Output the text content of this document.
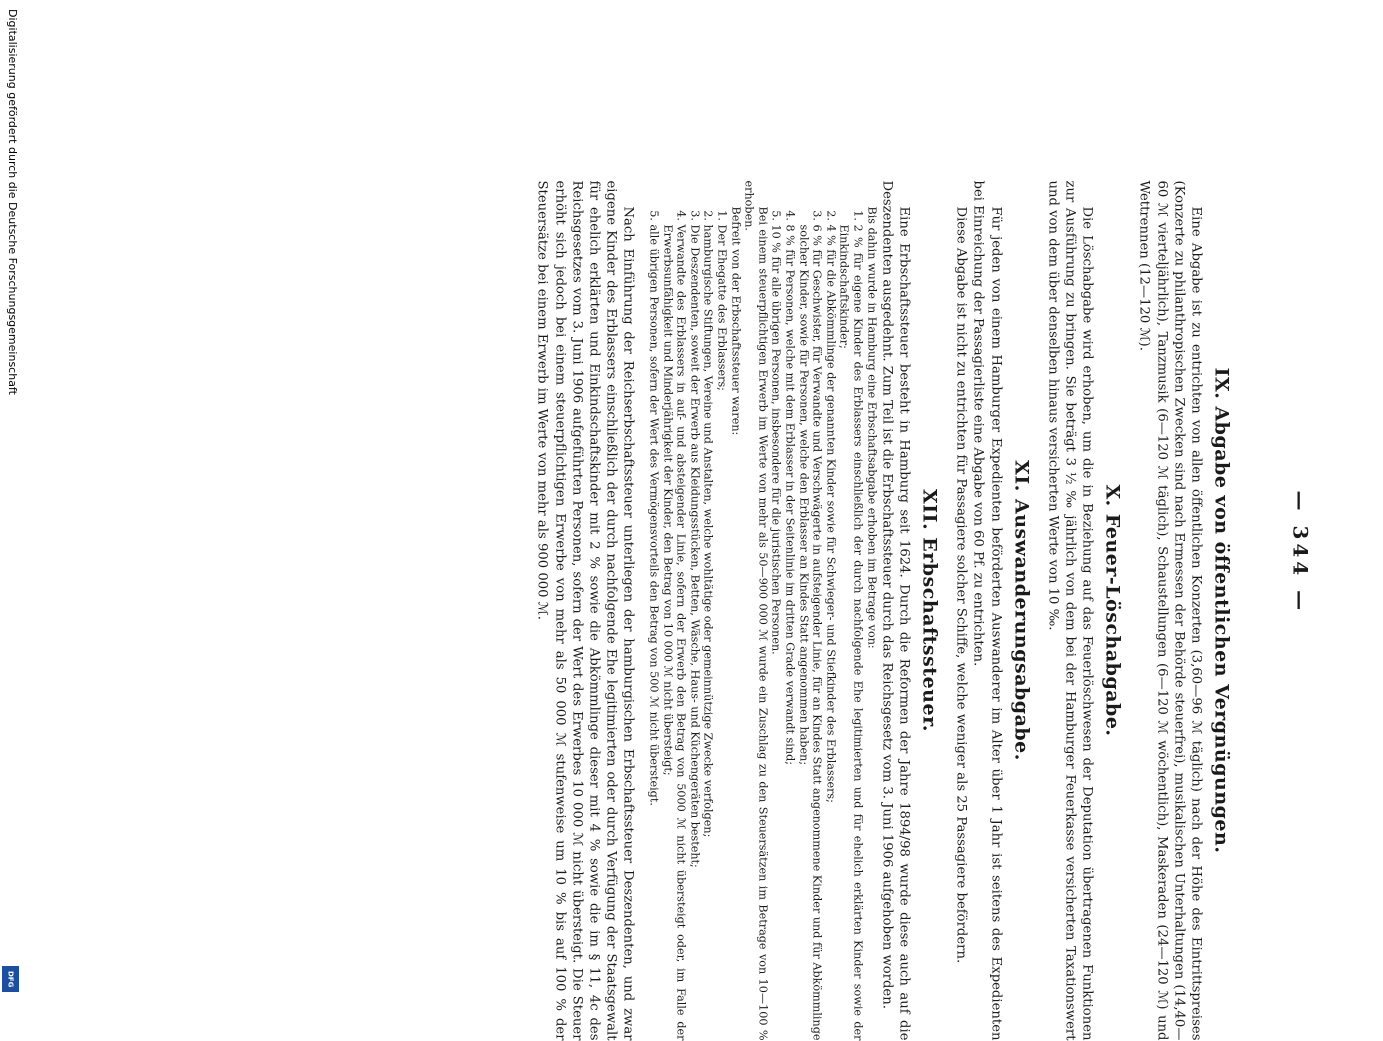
— 344 —
IX. Abgabe von öffentlichen Vergnügungen.

Eine Abgabe ist zu entrichten von allen öffentlichen Konzerten (3,60—96 ℳ täglich) nach der Höhe des Eintrittspreises (Konzerte zu philanthropischen Zwecken sind nach Ermessen der Behörde steuerfrei), musikalischen Unterhaltungen (14,40—60 ℳ vierteljährlich), Tanzmusik (6—120 ℳ täglich), Schaustellungen (6—120 ℳ wöchentlich), Maskeraden (24—120 ℳ) und Wettrennen (12—120 ℳ).

X. Feuer-Löschabgabe.

Die Löschabgabe wird erhoben, um die in Beziehung auf das Feuerlöschwesen der Deputation übertragenen Funktionen zur Ausführung zu bringen. Sie beträgt 3 ½ ‰ jährlich von dem bei der Hamburger Feuerkasse versicherten Taxationswert und von dem über denselben hinaus versicherten Werte von 10 ‰.

XI. Auswanderungsabgabe.

Für jeden von einem Hamburger Expedienten beförderten Auswanderer im Alter über 1 Jahr ist seitens des Expedienten bei Einreichung der Passagierliste eine Abgabe von 60 Pf. zu entrichten.

Diese Abgabe ist nicht zu entrichten für Passagiere solcher Schiffe, welche weniger als 25 Passagiere befördern.

XII. Erbschaftssteuer.

Eine Erbschaftssteuer besteht in Hamburg seit 1624. Durch die Reformen der Jahre 1894/98 wurde diese auch auf die Deszendenten ausgedehnt. Zum Teil ist die Erbschaftssteuer durch das Reichsgesetz vom 3. Juni 1906 aufgehoben worden.

Bis dahin wurde in Hamburg eine Erbschaftsabgabe erhoben im Betrage von:

1. 2 % für eigene Kinder des Erblassers einschließlich der durch nachfolgende Ehe legitimierten und für ehelich erklärten Kinder sowie der Einkindschaftskinder;
2. 4 % für die Abkömmlinge der genannten Kinder sowie für Schwieger- und Stiefkinder des Erblassers;
3. 6 % für Geschwister, für Verwandte und Verschwägerte in aufsteigender Linie, für an Kindes Statt angenommene Kinder und für Abkömmlinge solcher Kinder, sowie für Personen, welche den Erblasser an Kindes Statt angenommen haben;
4. 8 % für Personen, welche mit dem Erblasser in der Seitenlinie im dritten Grade verwandt sind;
5. 10 % für alle übrigen Personen, insbesondere für die juristischen Personen.

Bei einem steuerpflichtigen Erwerb im Werte von mehr als 50—900 000 ℳ wurde ein Zuschlag zu den Steuersätzen im Betrage von 10—100 % erhoben.

Befreit von der Erbschaftssteuer waren:

1. Der Ehegatte des Erblassers;
2. hamburgische Stiftungen, Vereine und Anstalten, welche wohltätige oder gemeinnützige Zwecke verfolgen;
3. Die Deszendenten, soweit der Erwerb aus Kleidungsstücken, Betten, Wäsche, Haus- und Küchengeräten besteht;
4. Verwandte des Erblassers in auf- und absteigender Linie, sofern der Erwerb den Betrag von 5000 ℳ nicht übersteigt oder, im Falle der Erwerbsunfähigkeit und Minderjährigkeit der Kinder, den Betrag von 10 000 ℳ nicht übersteigt;
5. alle übrigen Personen, sofern der Wert des Vermögensvorteils den Betrag von 500 ℳ nicht übersteigt.

Nach Einführung der Reichserbschaftssteuer unterliegen der hamburgischen Erbschaftssteuer Deszendenten, und zwar eigene Kinder des Erblassers einschließlich der durch nachfolgende Ehe legitimierten oder durch Verfügung der Staatsgewalt für ehelich erklärten und Einkindschaftskinder mit 2 % sowie die Abkömmlinge dieser mit 4 % sowie die im § 11, 4c des Reichsgesetzes vom 3. Juni 1906 aufgeführten Personen, sofern der Wert des Erwerbes 10 000 ℳ nicht übersteigt. Die Steuer erhöht sich jedoch bei einem steuerpflichtigen Erwerbe von mehr als 50 000 ℳ stufenweise um 10 % bis auf 100 % der Steuersätze bei einem Erwerb im Werte von mehr als 900 000 ℳ.

Digitalisierung gefördert durch die Deutsche Forschungsgemeinschaft
DFG
